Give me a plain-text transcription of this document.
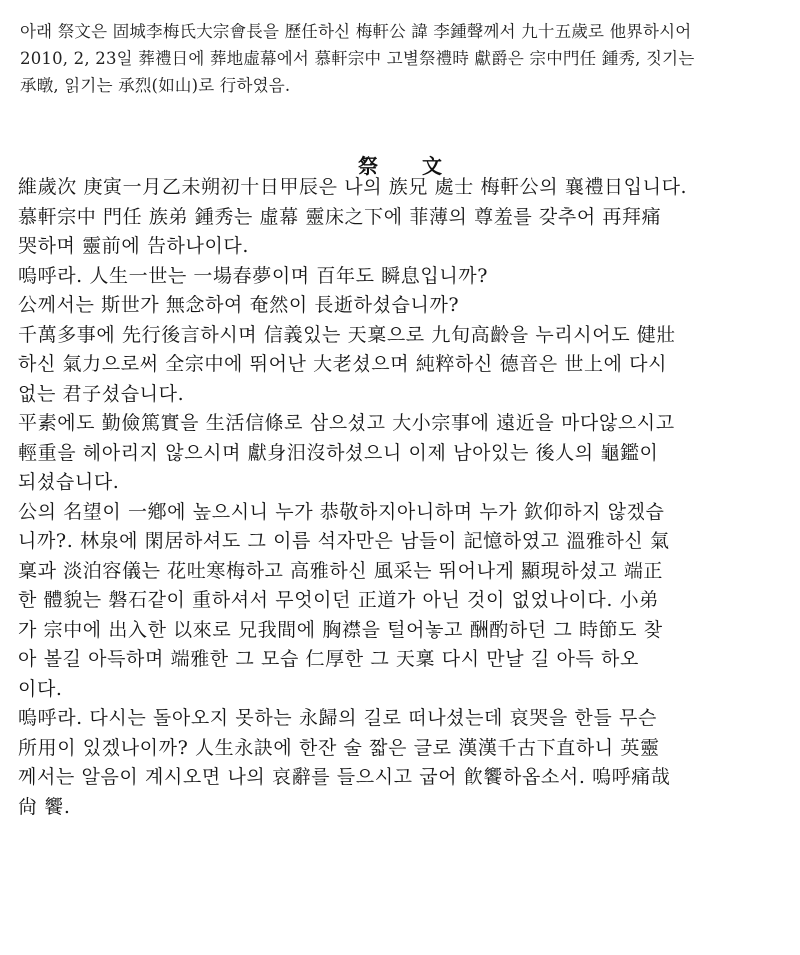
아래 祭文은 固城李梅氏大宗會長을 歷任하신 梅軒公 諱 李鍾聲께서 九十五歲로 他界하시어
2010, 2, 23일 葬禮日에 葬地虛幕에서 慕軒宗中 고별祭禮時 獻爵은 宗中門任 鍾秀, 짓기는
承暾, 읽기는 承烈(如山)로 行하였음.
祭文
維歲次 庚寅一月乙未朔初十日甲辰은 나의 族兄 處士 梅軒公의 襄禮日입니다.
慕軒宗中 門任 族弟 鍾秀는 虛幕 靈床之下에 菲薄의 尊羞를 갖추어 再拜痛
哭하며 靈前에 告하나이다.
嗚呼라. 人生一世는 一場春夢이며 百年도 瞬息입니까?
公께서는 斯世가 無念하여 奄然이 長逝하셨습니까?
千萬多事에 先行後言하시며 信義있는 天稟으로 九旬高齡을 누리시어도 健壯
하신 氣力으로써 全宗中에 뛰어난 大老셨으며 純粹하신 德音은 世上에 다시
없는 君子셨습니다.
平素에도 勤儉篤實을 生活信條로 삼으셨고 大小宗事에 遠近을 마다않으시고
輕重을 헤아리지 않으시며 獻身汨沒하셨으니 이제 남아있는 後人의 龜鑑이
되셨습니다.
公의 名望이 一鄕에 높으시니 누가 恭敬하지아니하며 누가 欽仰하지 않겠습
니까?. 林泉에 閑居하셔도 그 이름 석자만은 남들이 記憶하였고 溫雅하신 氣
稟과 淡泊容儀는 花吐寒梅하고 高雅하신 風采는 뛰어나게 顯現하셨고 端正
한 體貌는 磐石같이 重하셔서 무엇이던 正道가 아닌 것이 없었나이다. 小弟
가 宗中에 出入한 以來로 兄我間에 胸襟을 털어놓고 酬酌하던 그 時節도 찾
아 볼길 아득하며 端雅한 그 모습 仁厚한 그 天稟 다시 만날 길 아득 하오
이다.
嗚呼라. 다시는 돌아오지 못하는 永歸의 길로 떠나셨는데 哀哭을 한들 무슨
所用이 있겠나이까? 人生永訣에 한잔 술 짧은 글로 漢漢千古下直하니 英靈
께서는 알음이 계시오면 나의 哀辭를 들으시고 굽어 飮饗하옵소서. 嗚呼痛哉
尙 饗.
